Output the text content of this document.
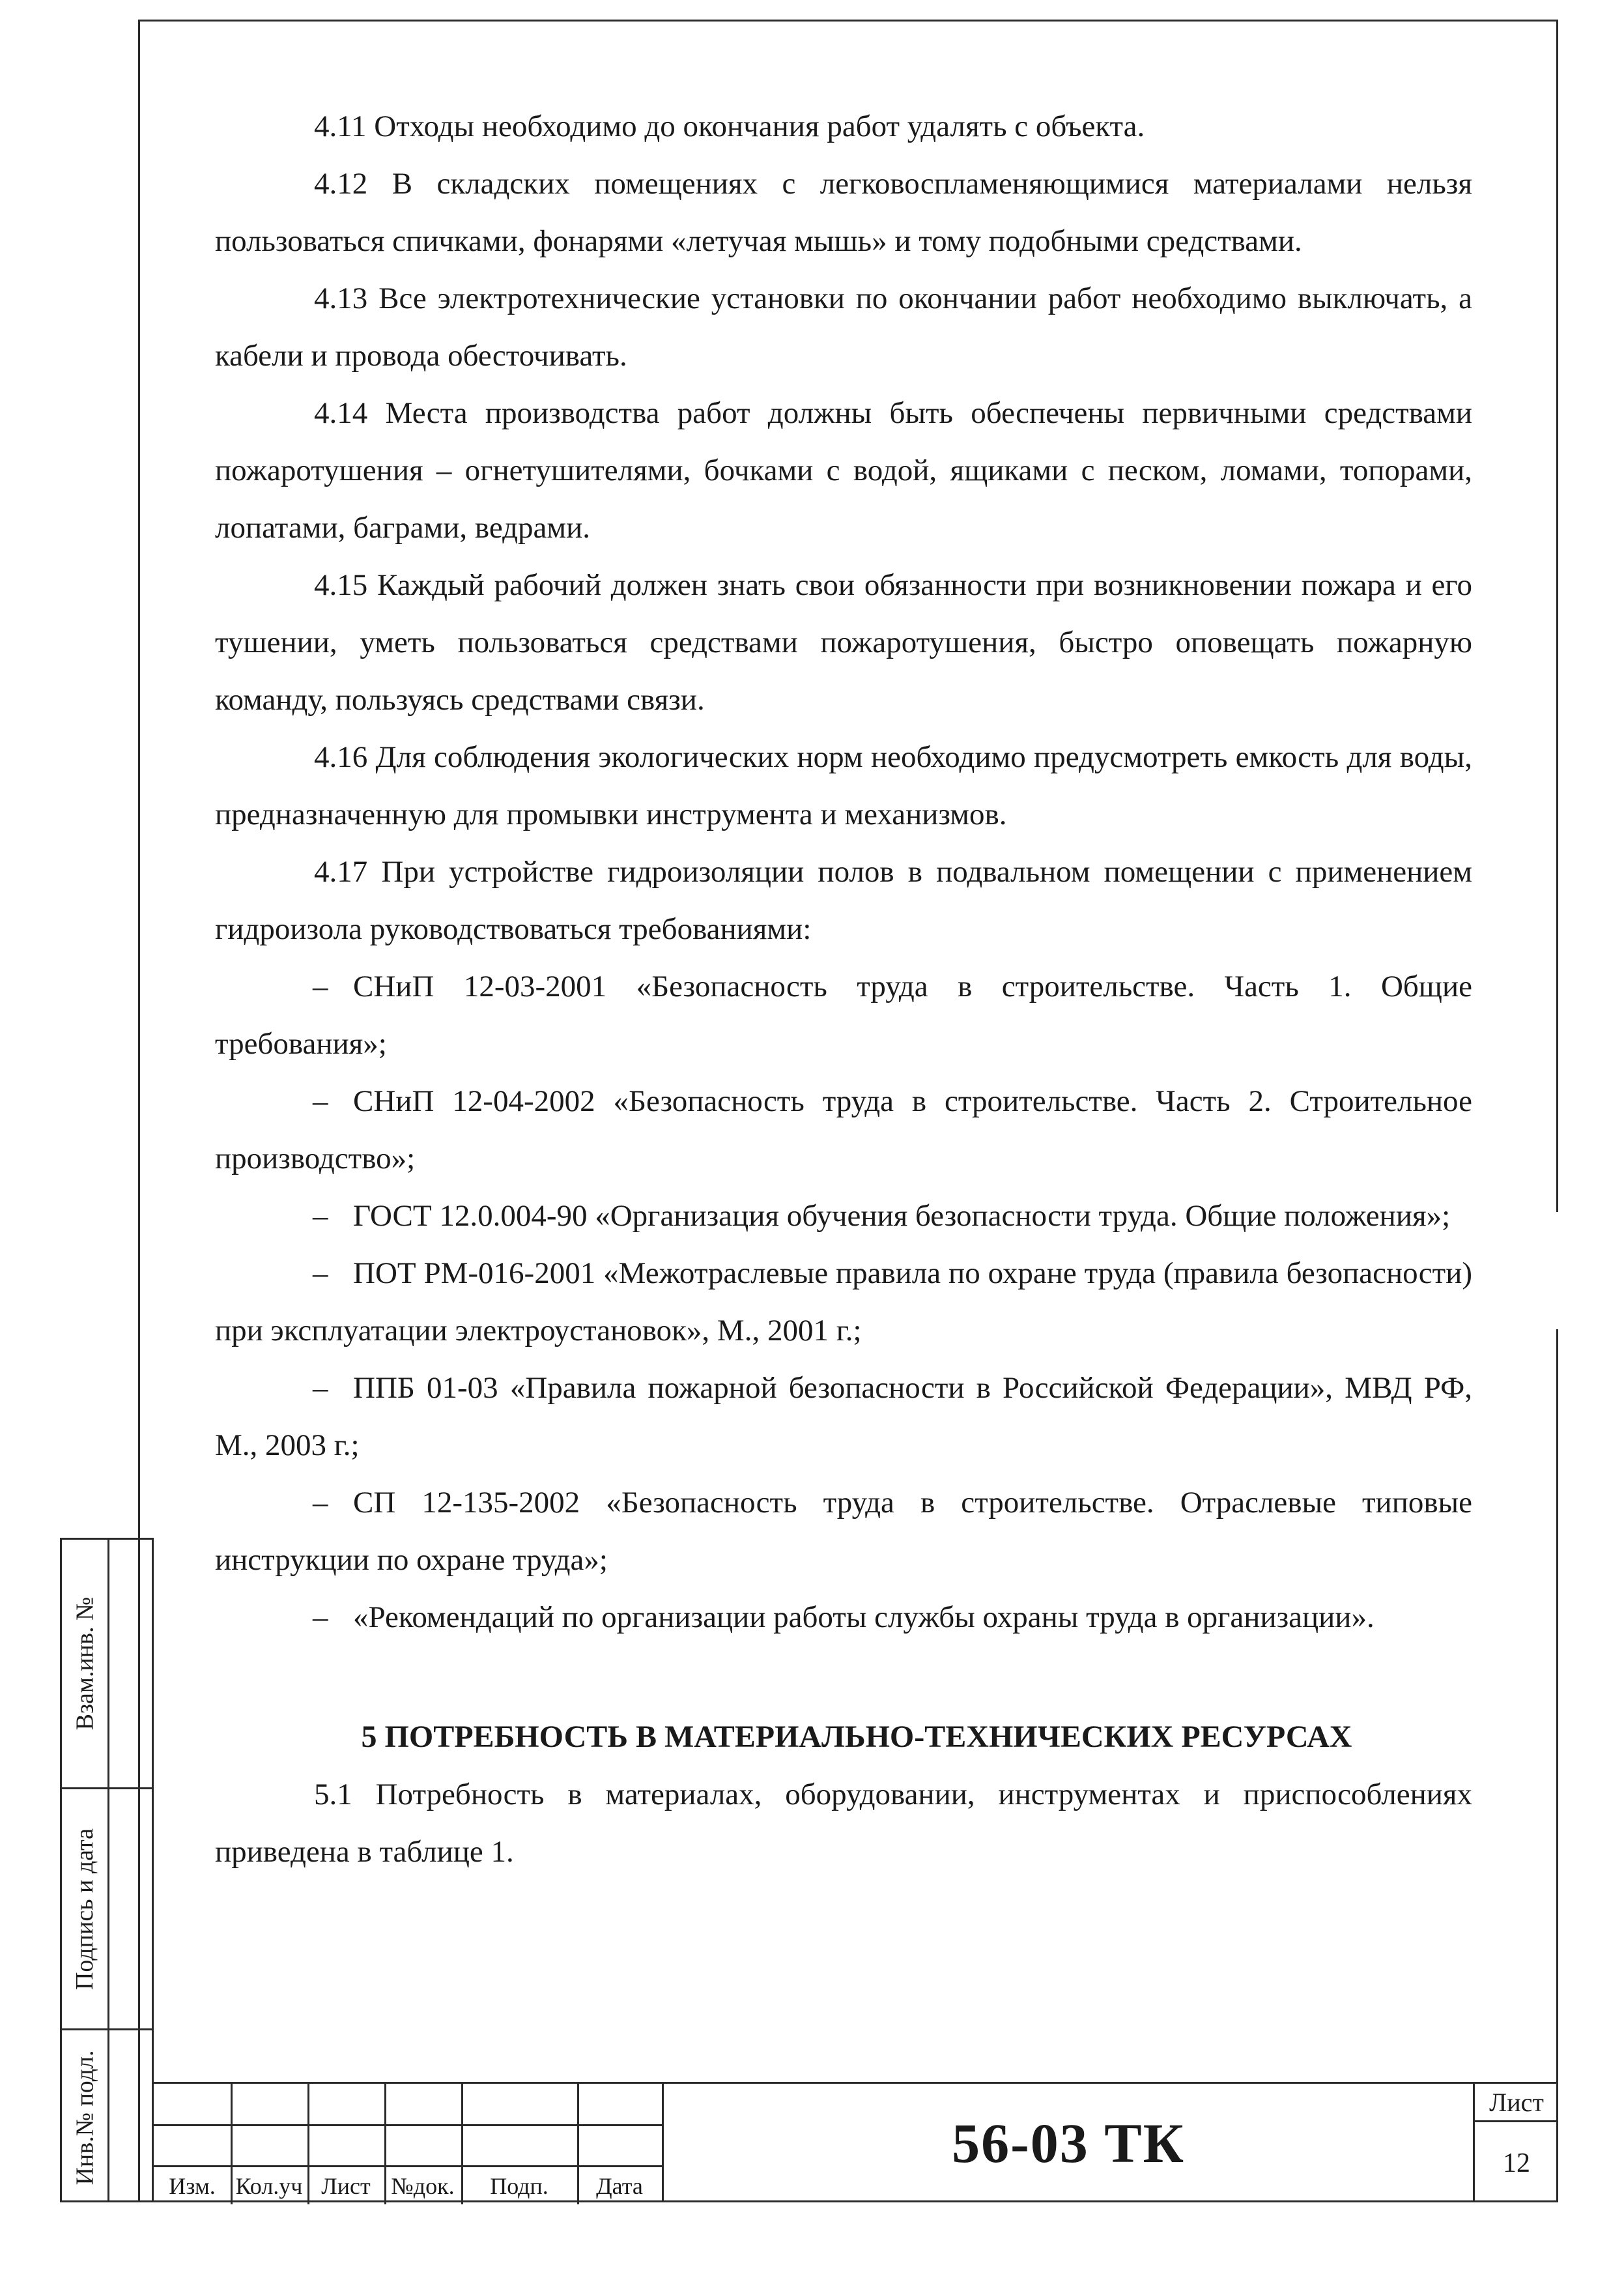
4.11 Отходы необходимо до окончания работ удалять с объекта.

4.12 В складских помещениях с легковоспламеняющимися материалами нельзя пользоваться спичками, фонарями «летучая мышь» и тому подобными средствами.

4.13 Все электротехнические установки по окончании работ необходимо выключать, а кабели и провода обесточивать.

4.14 Места производства работ должны быть обеспечены первичными средствами пожаротушения – огнетушителями, бочками с водой, ящиками с песком, ломами, топорами, лопатами, баграми, ведрами.

4.15 Каждый рабочий должен знать свои обязанности при возникновении пожара и его тушении, уметь пользоваться средствами пожаротушения, быстро оповещать пожарную команду, пользуясь средствами связи.

4.16 Для соблюдения экологических норм необходимо предусмотреть емкость для воды, предназначенную для промывки инструмента и механизмов.

4.17 При устройстве гидроизоляции полов в подвальном помещении с применением гидроизола руководствоваться требованиями:

– СНиП 12-03-2001 «Безопасность труда в строительстве. Часть 1. Общие требования»;

– СНиП 12-04-2002 «Безопасность труда в строительстве. Часть 2. Строительное производство»;

– ГОСТ 12.0.004-90 «Организация обучения безопасности труда. Общие положения»;

– ПОТ РМ-016-2001 «Межотраслевые правила по охране труда (правила безопасности) при эксплуатации электроустановок», М., 2001 г.;

– ППБ 01-03 «Правила пожарной безопасности в Российской Федерации», МВД РФ, М., 2003 г.;

– СП 12-135-2002 «Безопасность труда в строительстве. Отраслевые типовые инструкции по охране труда»;

– «Рекомендаций по организации работы службы охраны труда в организации».

5 ПОТРЕБНОСТЬ В МАТЕРИАЛЬНО-ТЕХНИЧЕСКИХ РЕСУРСАХ

5.1 Потребность в материалах, оборудовании, инструментах и приспособлениях приведена в таблице 1.

Взам.инв. №
Подпись и дата
Инв.№ подл.
Изм. Кол.уч Лист №док.	Подп.	Дата
56-03 ТК
Лист
12
